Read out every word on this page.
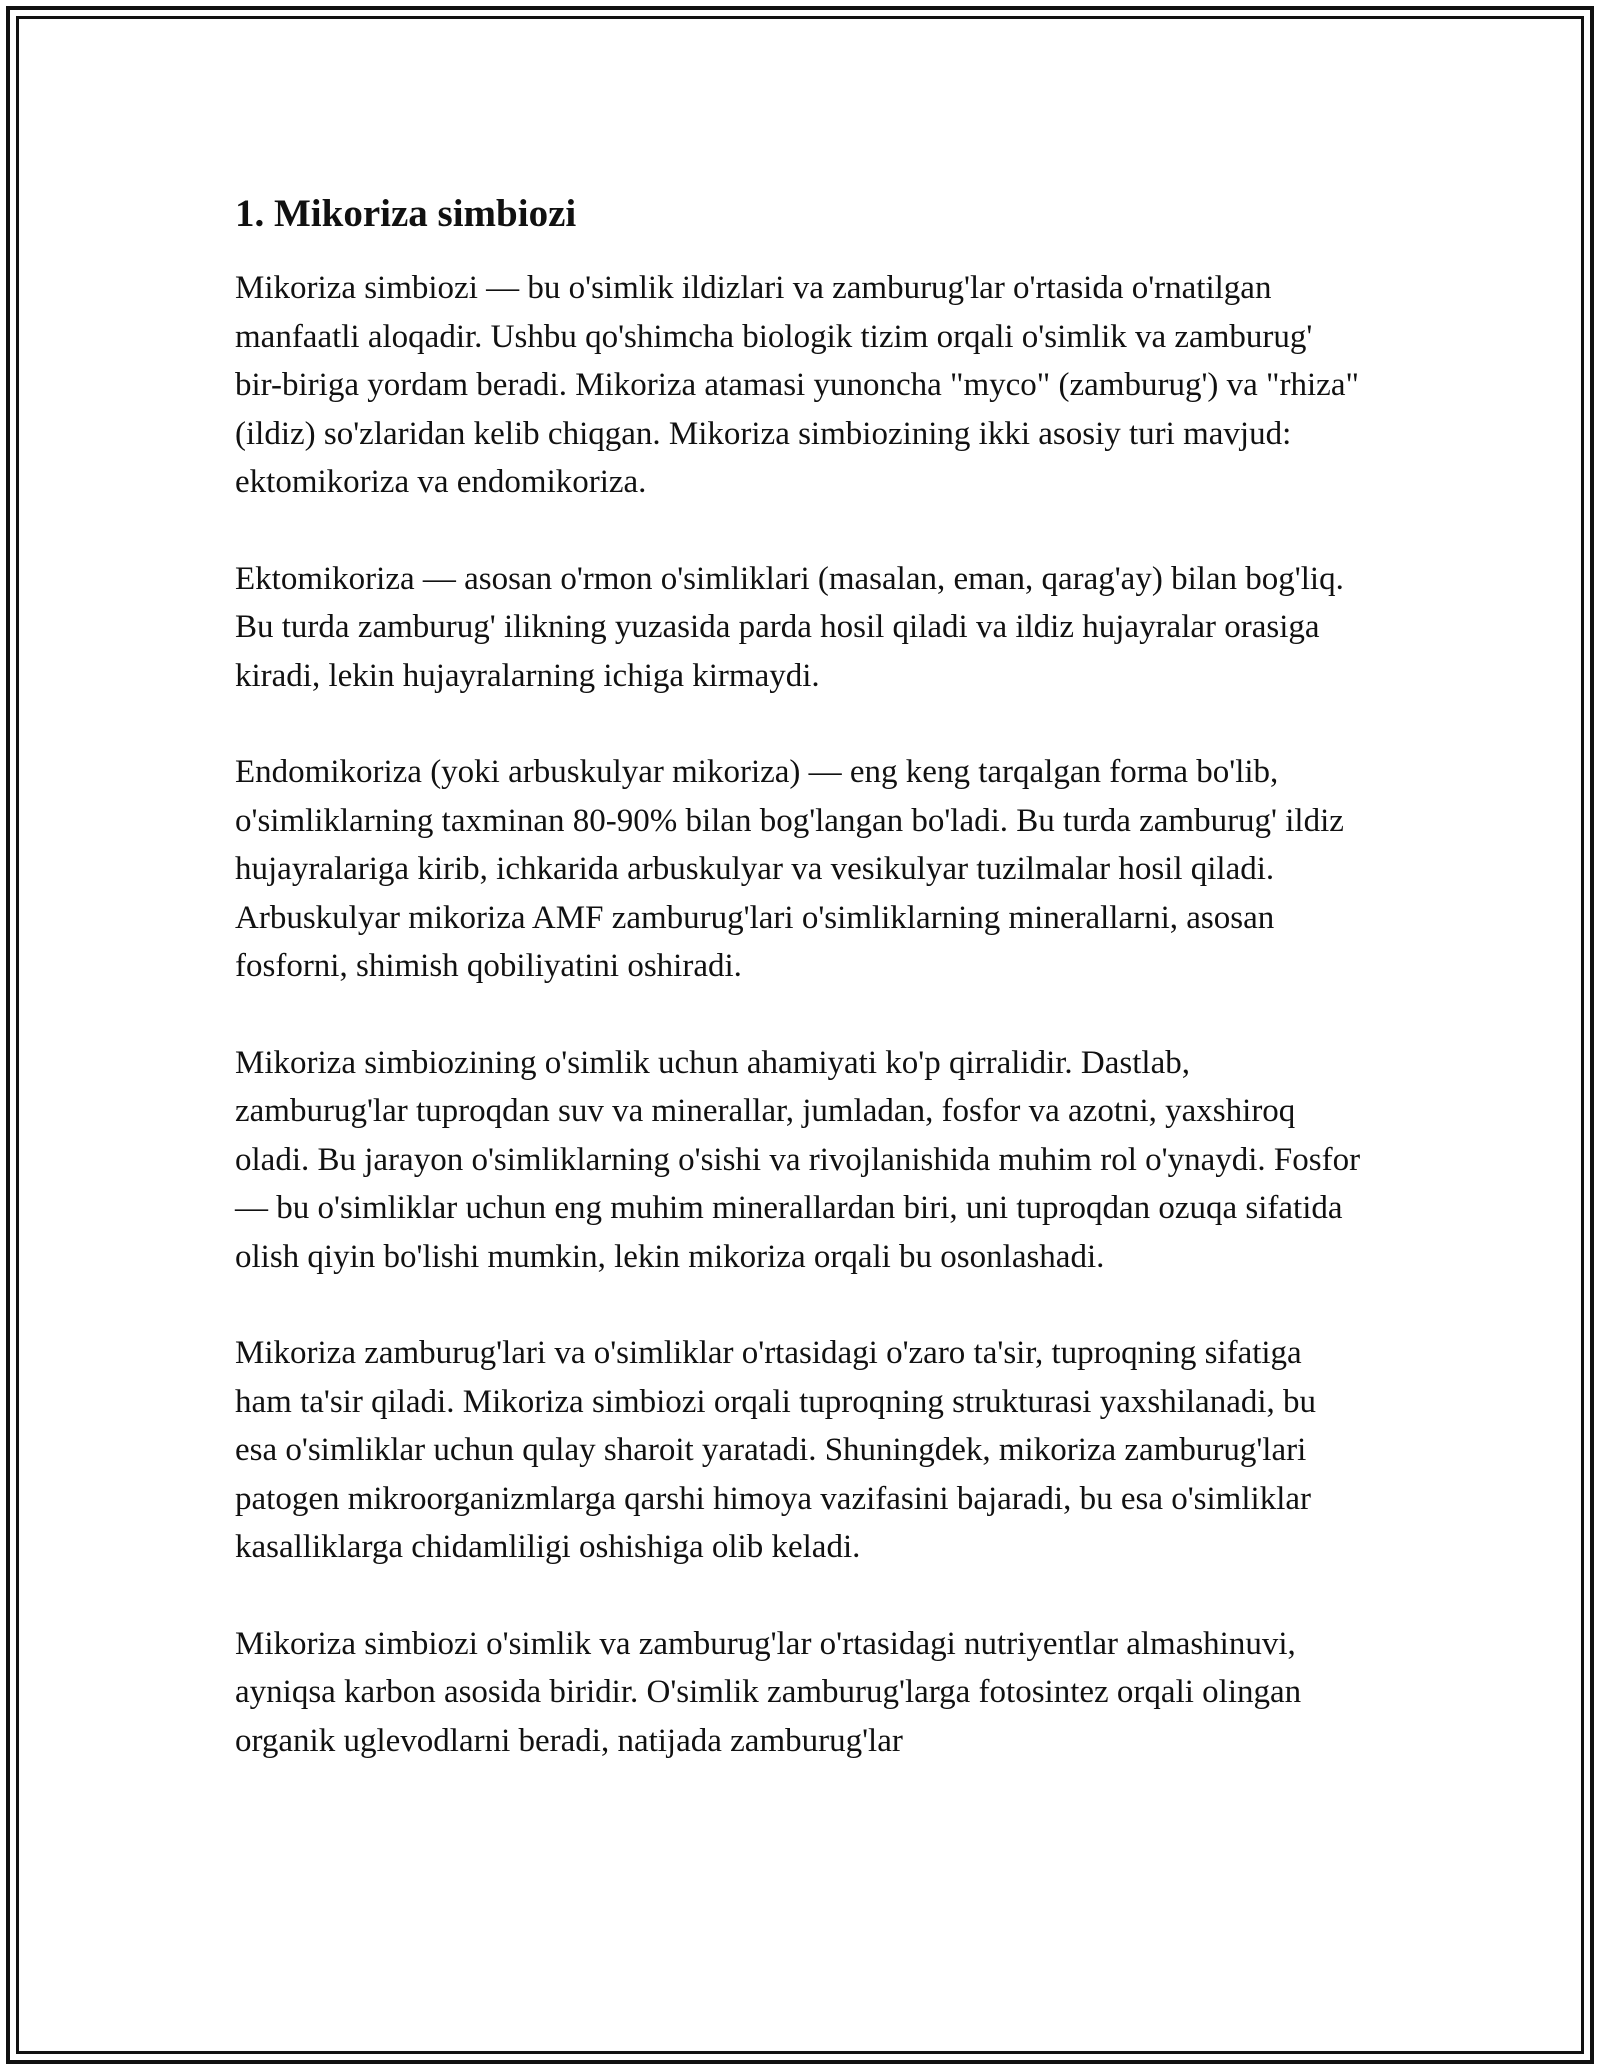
1. Mikoriza simbiozi

Mikoriza simbiozi — bu o'simlik ildizlari va zamburug'lar o'rtasida o'rnatilgan manfaatli aloqadir. Ushbu qo'shimcha biologik tizim orqali o'simlik va zamburug' bir-biriga yordam beradi. Mikoriza atamasi yunoncha "myco" (zamburug') va "rhiza" (ildiz) so'zlaridan kelib chiqgan. Mikoriza simbiozining ikki asosiy turi mavjud: ektomikoriza va endomikoriza.

Ektomikoriza — asosan o'rmon o'simliklari (masalan, eman, qarag'ay) bilan bog'liq. Bu turda zamburug' ilikning yuzasida parda hosil qiladi va ildiz hujayralar orasiga kiradi, lekin hujayralarning ichiga kirmaydi.

Endomikoriza (yoki arbuskulyar mikoriza) — eng keng tarqalgan forma bo'lib, o'simliklarning taxminan 80-90% bilan bog'langan bo'ladi. Bu turda zamburug' ildiz hujayralariga kirib, ichkarida arbuskulyar va vesikulyar tuzilmalar hosil qiladi. Arbuskulyar mikoriza AMF zamburug'lari o'simliklarning minerallarni, asosan fosforni, shimish qobiliyatini oshiradi.

Mikoriza simbiozining o'simlik uchun ahamiyati ko'p qirralidir. Dastlab, zamburug'lar tuproqdan suv va minerallar, jumladan, fosfor va azotni, yaxshiroq oladi. Bu jarayon o'simliklarning o'sishi va rivojlanishida muhim rol o'ynaydi. Fosfor — bu o'simliklar uchun eng muhim minerallardan biri, uni tuproqdan ozuqa sifatida olish qiyin bo'lishi mumkin, lekin mikoriza orqali bu osonlashadi.

Mikoriza zamburug'lari va o'simliklar o'rtasidagi o'zaro ta'sir, tuproqning sifatiga ham ta'sir qiladi. Mikoriza simbiozi orqali tuproqning strukturasi yaxshilanadi, bu esa o'simliklar uchun qulay sharoit yaratadi. Shuningdek, mikoriza zamburug'lari patogen mikroorganizmlarga qarshi himoya vazifasini bajaradi, bu esa o'simliklar kasalliklarga chidamliligi oshishiga olib keladi.

Mikoriza simbiozi o'simlik va zamburug'lar o'rtasidagi nutriyentlar almashinuvi, ayniqsa karbon asosida biridir. O'simlik zamburug'larga fotosintez orqali olingan organik uglevodlarni beradi, natijada zamburug'lar
